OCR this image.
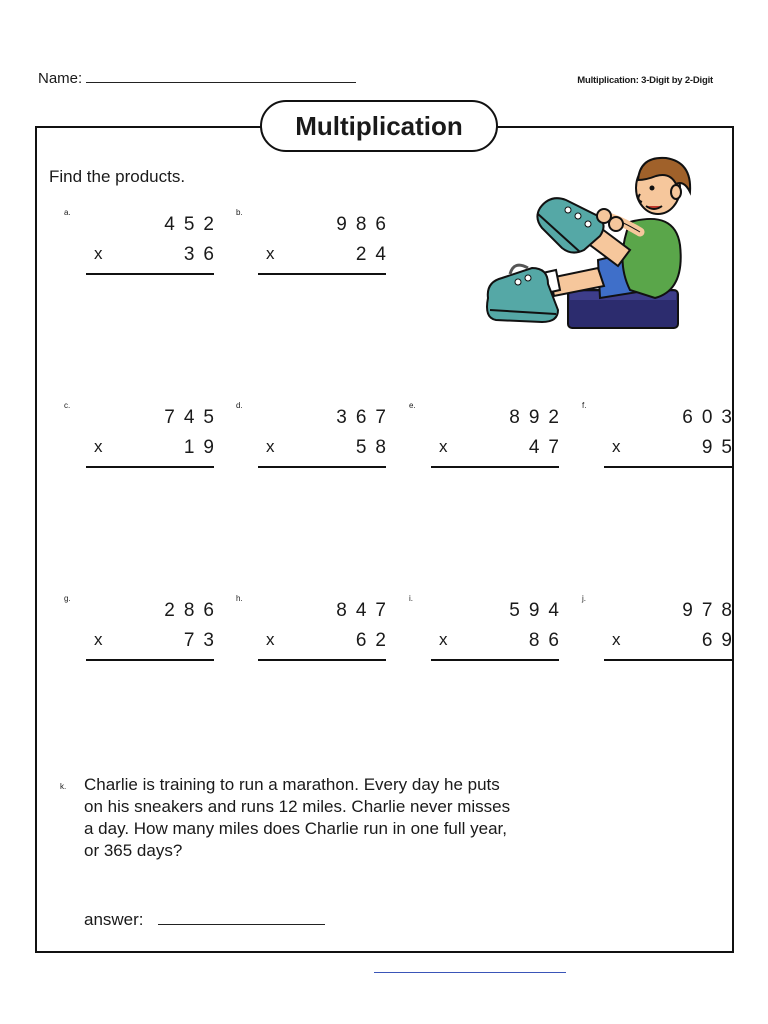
Name:	Multiplication: 3-Digit by 2-Digit
Multiplication
Find the products.
a.
452
x	36
b.
986
x	24
c.
745
x	19
d.
367
x	58
e.
892
x	47
f.
603
x	95
g.
286
x	73
h.
847
x	62
i.
594
x	86
j.
978
x	69
k. Charlie is training to run a marathon. Every day he puts on his sneakers and runs 12 miles. Charlie never misses a day. How many miles does Charlie run in one full year, or 365 days?
answer:
